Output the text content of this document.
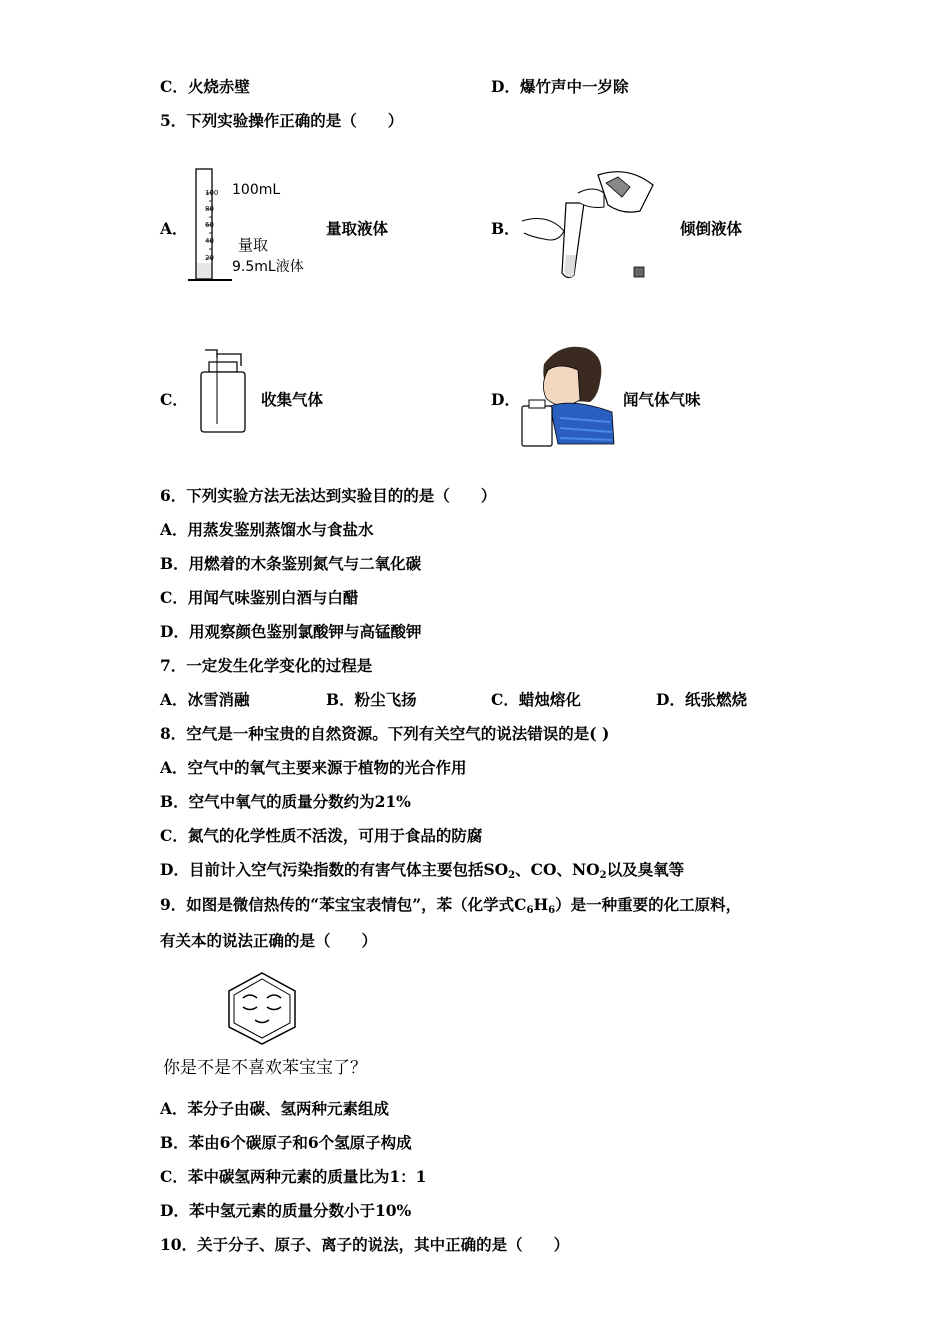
C．火烧赤壁	D．爆竹声中一岁除
5．下列实验操作正确的是（　　）
A．
100
80
60
40
20
100mL
量取
9.5mL液体
量取液体	B．	倾倒液体
C．	收集气体	D．	闻气体气味
6．下列实验方法无法达到实验目的的是（　　）
A．用蒸发鉴别蒸馏水与食盐水
B．用燃着的木条鉴别氮气与二氧化碳
C．用闻气味鉴别白酒与白醋
D．用观察颜色鉴别氯酸钾与高锰酸钾
7．一定发生化学变化的过程是
A．冰雪消融	B．粉尘飞扬	C．蜡烛熔化	D．纸张燃烧
8．空气是一种宝贵的自然资源。下列有关空气的说法错误的是( )
A．空气中的氧气主要来源于植物的光合作用
B．空气中氧气的质量分数约为21%
C．氮气的化学性质不活泼，可用于食品的防腐
D．目前计入空气污染指数的有害气体主要包括$SO_2$、CO、$NO_2$以及臭氧等
9．如图是微信热传的“苯宝宝表情包”，苯（化学式$C_6H_6$）是一种重要的化工原料，
有关本的说法正确的是（　　）
你是不是不喜欢苯宝宝了？
A．苯分子由碳、氢两种元素组成
B．苯由6个碳原子和6个氢原子构成
C．苯中碳氢两种元素的质量比为1：1
D．苯中氢元素的质量分数小于10%
10．关于分子、原子、离子的说法，其中正确的是（　　）
